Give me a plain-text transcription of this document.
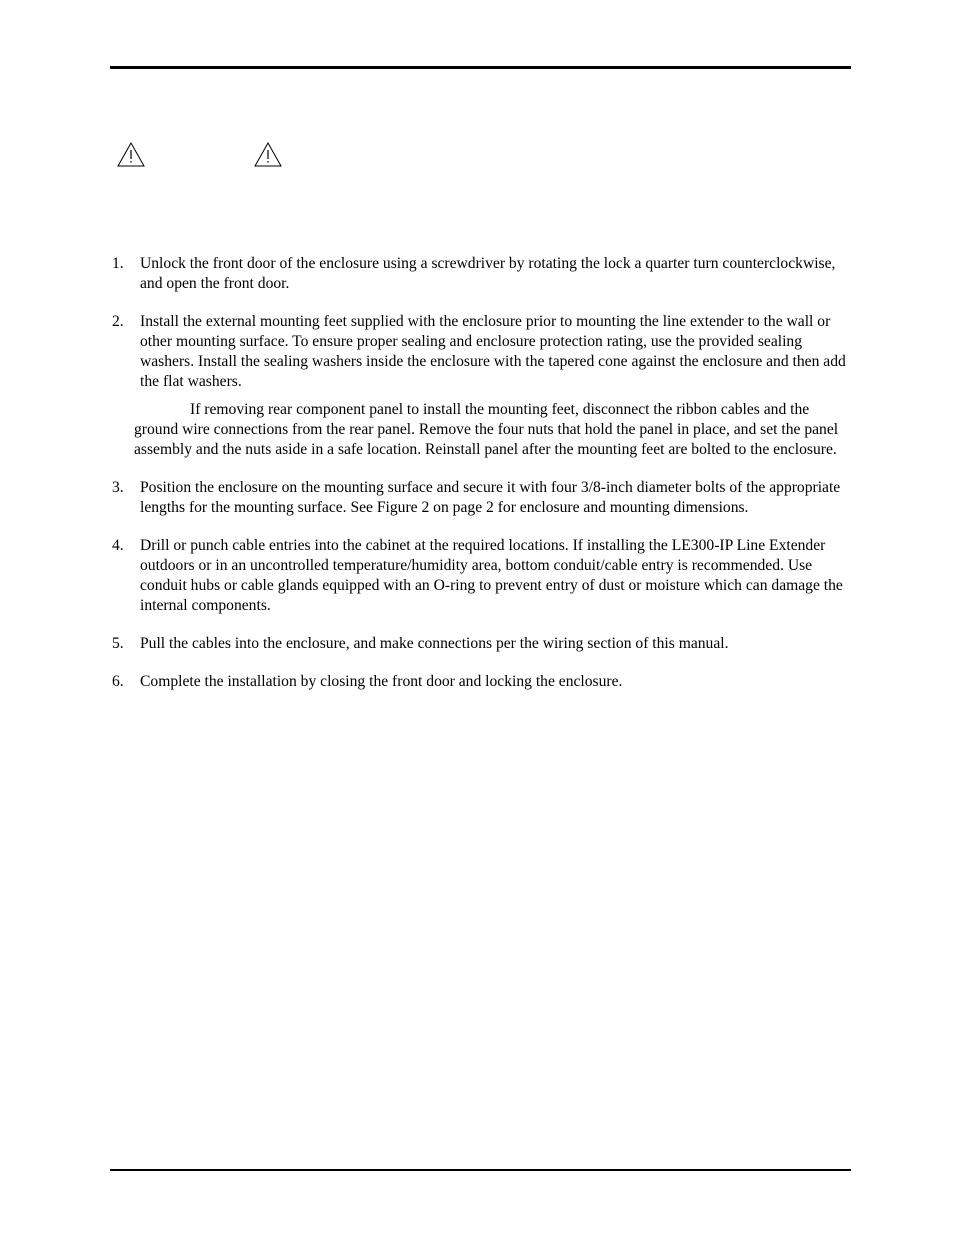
1. Unlock the front door of the enclosure using a screwdriver by rotating the lock a quarter turn counterclockwise, and open the front door.
2. Install the external mounting feet supplied with the enclosure prior to mounting the line extender to the wall or other mounting surface. To ensure proper sealing and enclosure protection rating, use the provided sealing washers. Install the sealing washers inside the enclosure with the tapered cone against the enclosure and then add the flat washers.
If removing rear component panel to install the mounting feet, disconnect the ribbon cables and the ground wire connections from the rear panel. Remove the four nuts that hold the panel in place, and set the panel assembly and the nuts aside in a safe location. Reinstall panel after the mounting feet are bolted to the enclosure.
3. Position the enclosure on the mounting surface and secure it with four 3/8-inch diameter bolts of the appropriate lengths for the mounting surface. See Figure 2 on page 2 for enclosure and mounting dimensions.
4. Drill or punch cable entries into the cabinet at the required locations. If installing the LE300-IP Line Extender outdoors or in an uncontrolled temperature/humidity area, bottom conduit/cable entry is recommended. Use conduit hubs or cable glands equipped with an O-ring to prevent entry of dust or moisture which can damage the internal components.
5. Pull the cables into the enclosure, and make connections per the wiring section of this manual.
6. Complete the installation by closing the front door and locking the enclosure.
